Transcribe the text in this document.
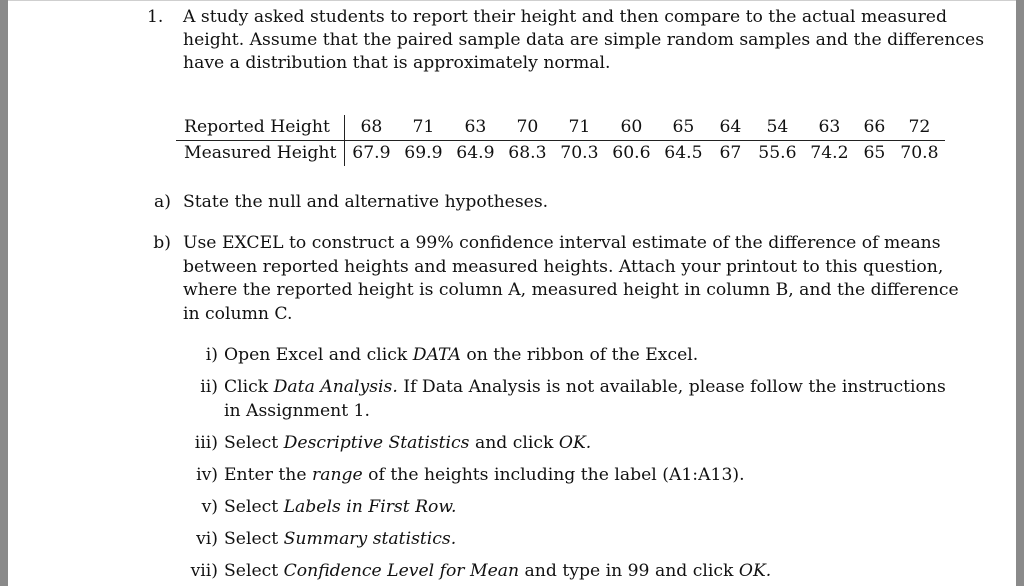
1. A study asked students to report their height and then compare to the actual measured
height. Assume that the paired sample data are simple random samples and the differences
have a distribution that is approximately normal.
Reported Height	68	71	63	70	71	60	65	64	54	63	66	72
Measured Height	67.9	69.9	64.9	68.3	70.3	60.6	64.5	67	55.6	74.2	65	70.8
a) State the null and alternative hypotheses.
b) Use EXCEL to construct a 99% confidence interval estimate of the difference of means
between reported heights and measured heights. Attach your printout to this question,
where the reported height is column A, measured height in column B, and the difference
in column C.
i) Open Excel and click DATA on the ribbon of the Excel.
ii) Click Data Analysis. If Data Analysis is not available, please follow the instructions
in Assignment 1.
iii) Select Descriptive Statistics and click OK.
iv) Enter the range of the heights including the label (A1:A13).
v) Select Labels in First Row.
vi) Select Summary statistics.
vii) Select Confidence Level for Mean and type in 99 and click OK.
